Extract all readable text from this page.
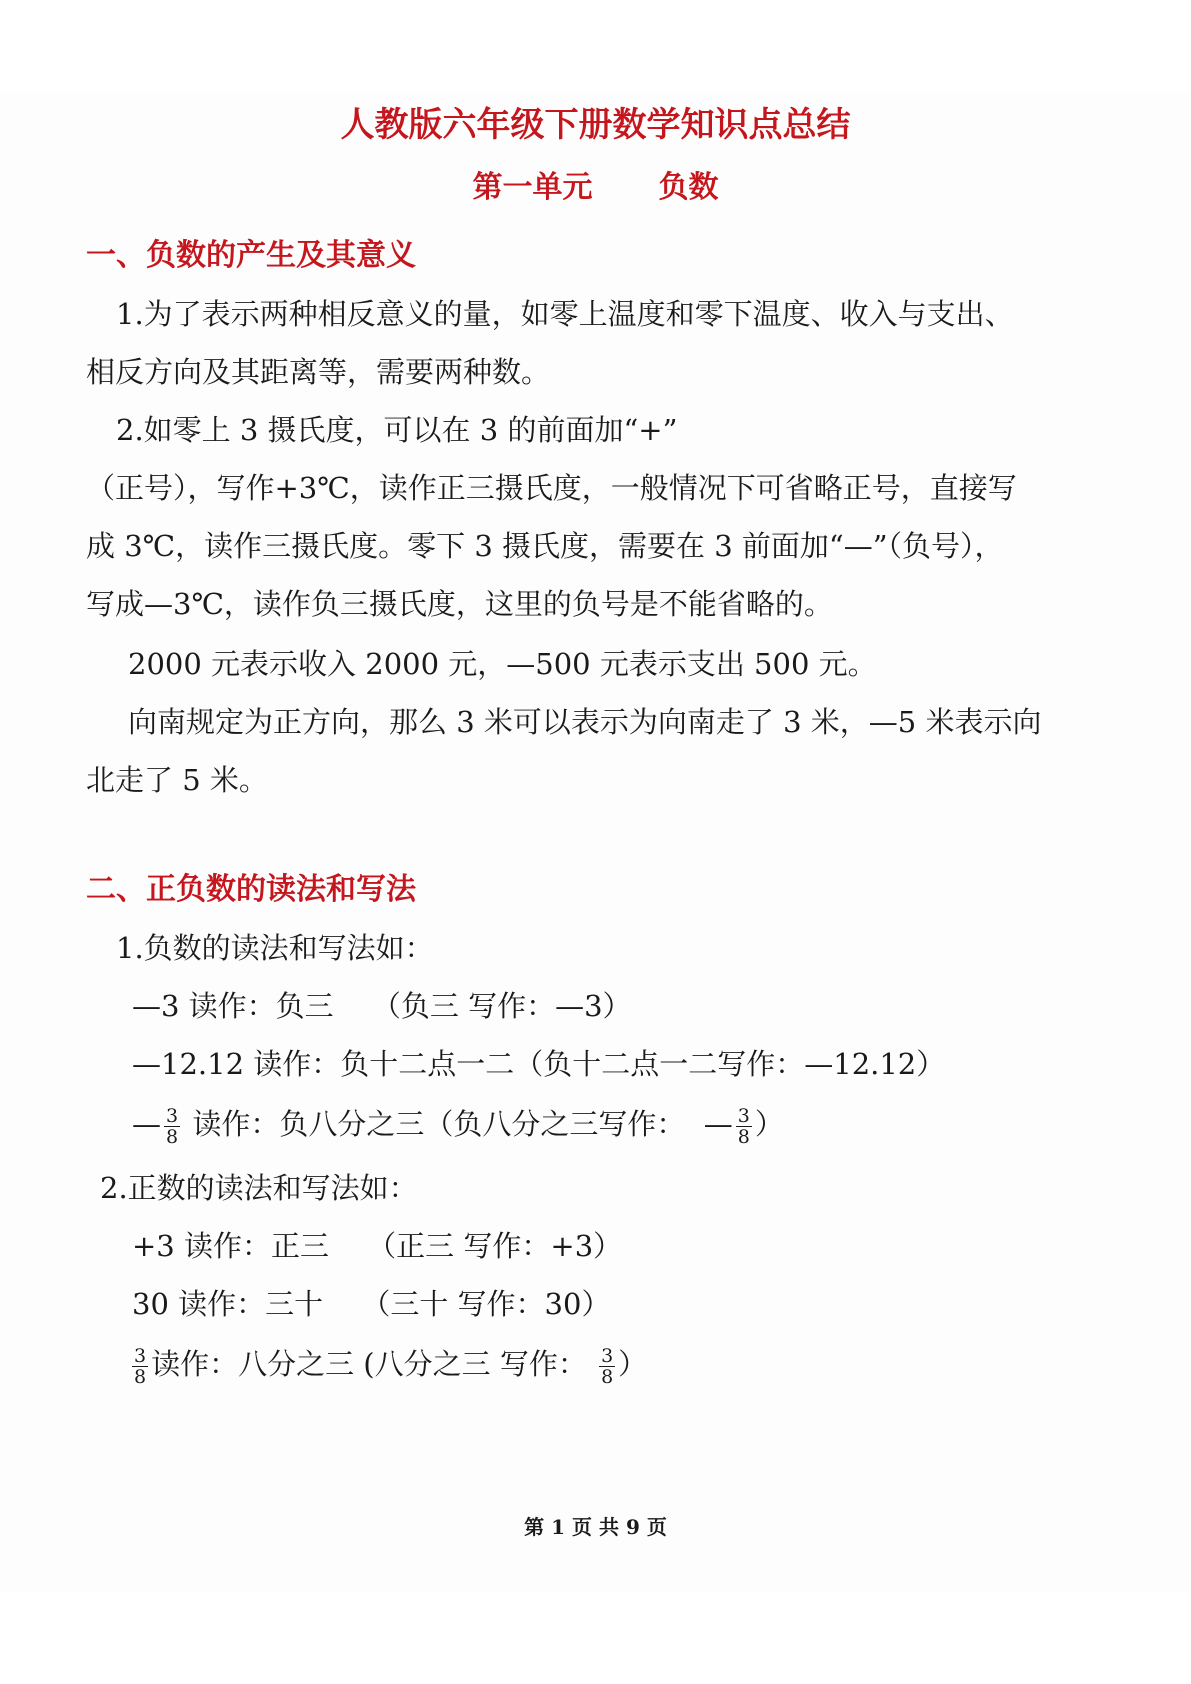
人教版六年级下册数学知识点总结
第一单元 负数
一、负数的产生及其意义
1.为了表示两种相反意义的量，如零上温度和零下温度、收入与支出、
相反方向及其距离等，需要两种数。
2.如零上 3 摄氏度，可以在 3 的前面加“+”
（正号），写作+3℃，读作正三摄氏度，一般情况下可省略正号，直接写
成 3℃，读作三摄氏度。零下 3 摄氏度，需要在 3 前面加“—”（负号），
写成—3℃，读作负三摄氏度，这里的负号是不能省略的。
2000 元表示收入 2000 元，—500 元表示支出 500 元。
向南规定为正方向，那么 3 米可以表示为向南走了 3 米，—5 米表示向
北走了 5 米。
二、正负数的读法和写法
1.负数的读法和写法如：
—3 读作：负三　 （负三 写作：—3）
—12.12 读作：负十二点一二（负十二点一二写作：—12.12）
— $\frac{3}{8}$ 读作：负八分之三（负八分之三写作： — $\frac{3}{8}$ ）
2.正数的读法和写法如：
+3 读作：正三　 （正三 写作：+3）
30 读作：三十　 （三十 写作：30）
$\frac{3}{8}$ 读作：八分之三 (八分之三 写作： $\frac{3}{8}$ ）
第 1 页 共 9 页
